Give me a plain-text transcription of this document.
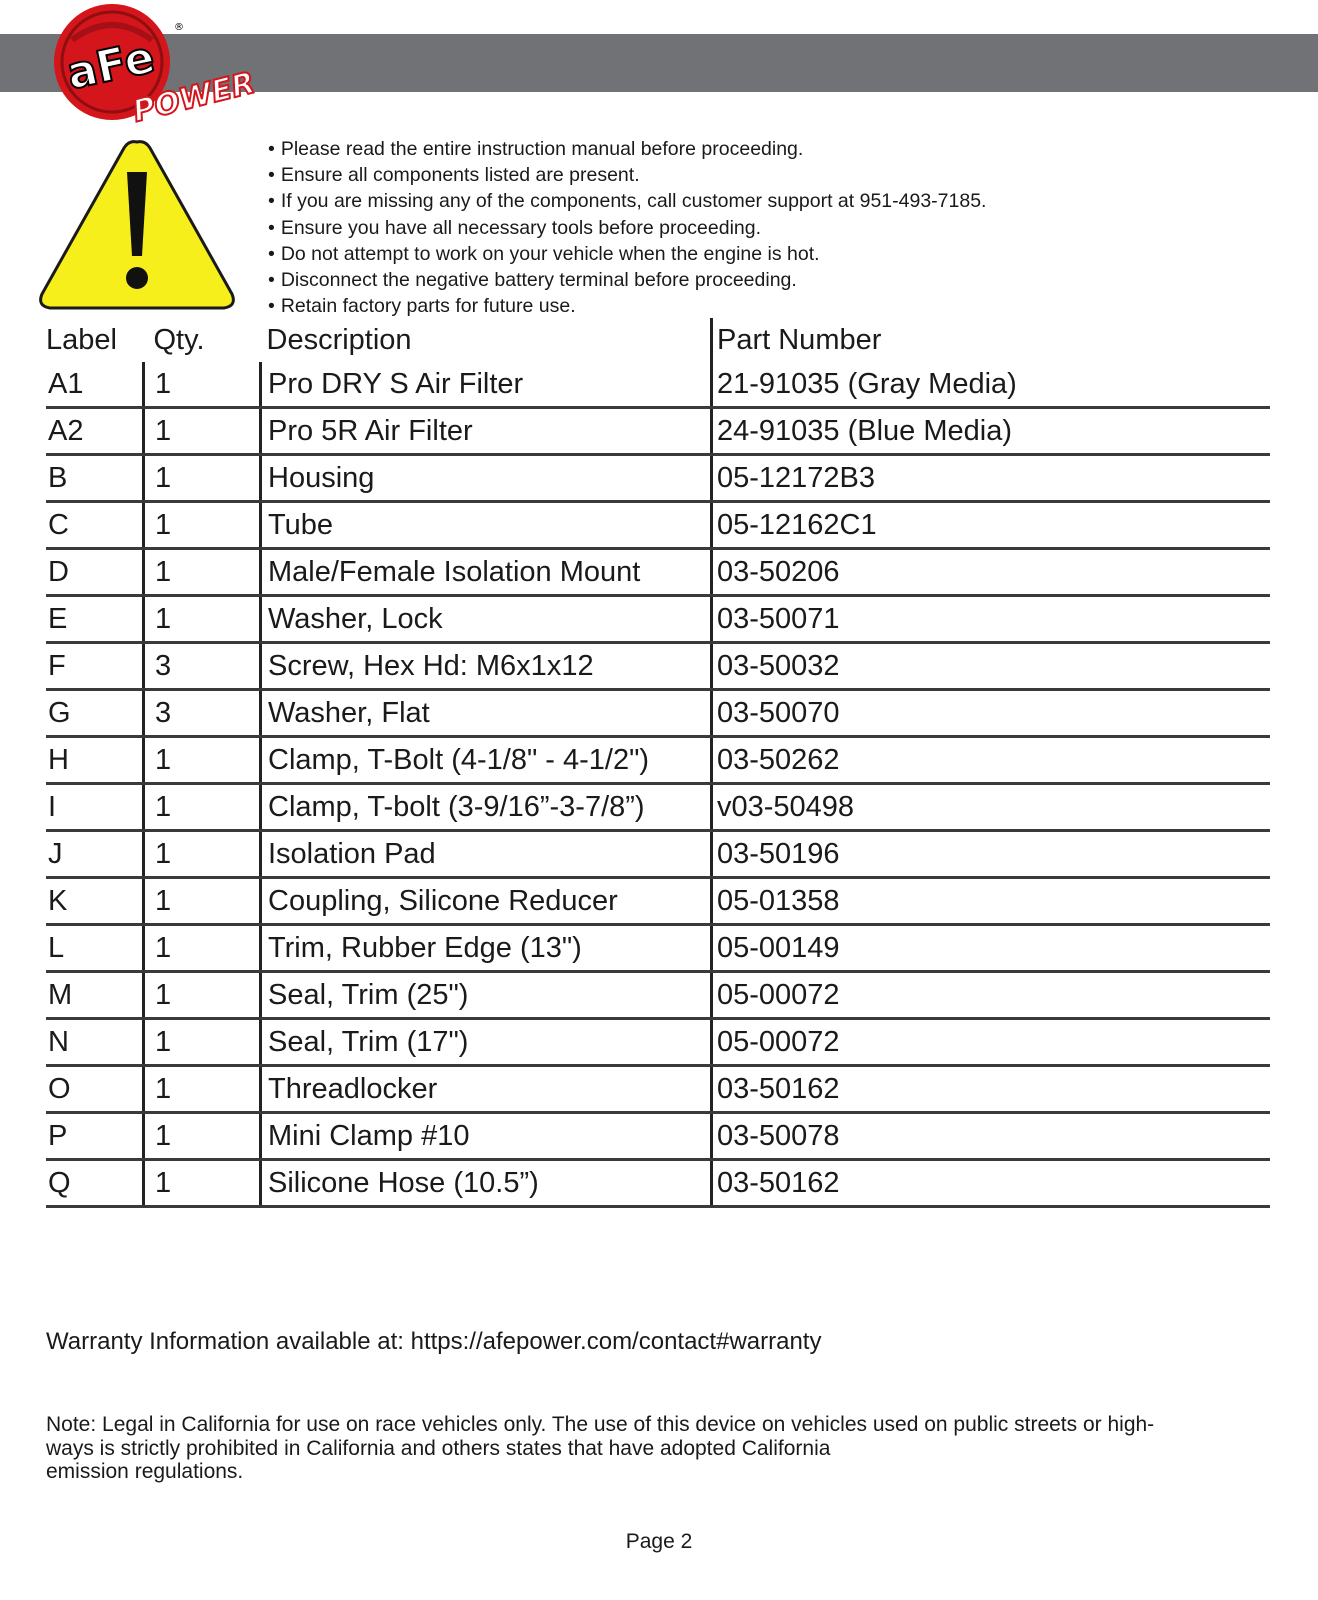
aFe
POWER
®
• Please read the entire instruction manual before proceeding.
• Ensure all components listed are present.
• If you are missing any of the components, call customer support at 951-493-7185.
• Ensure you have all necessary tools before proceeding.
• Do not attempt to work on your vehicle when the engine is hot.
• Disconnect the negative battery terminal before proceeding.
• Retain factory parts for future use.
Label	Qty.	Description	Part Number
A1	1	Pro DRY S Air Filter	21-91035 (Gray Media)
A2	1	Pro 5R Air Filter	24-91035 (Blue Media)
B	1	Housing	05-12172B3
C	1	Tube	05-12162C1
D	1	Male/Female Isolation Mount	03-50206
E	1	Washer, Lock	03-50071
F	3	Screw, Hex Hd: M6x1x12	03-50032
G	3	Washer, Flat	03-50070
H	1	Clamp, T-Bolt (4-1/8" - 4-1/2")	03-50262
I	1	Clamp, T-bolt (3-9/16”-3-7/8”)	v03-50498
J	1	Isolation Pad	03-50196
K	1	Coupling, Silicone Reducer	05-01358
L	1	Trim, Rubber Edge (13")	05-00149
M	1	Seal, Trim (25")	05-00072
N	1	Seal, Trim (17")	05-00072
O	1	Threadlocker	03-50162
P	1	Mini Clamp #10	03-50078
Q	1	Silicone Hose (10.5”)	03-50162
Warranty Information available at: https://afepower.com/contact#warranty
Note: Legal in California for use on race vehicles only. The use of this device on vehicles used on public streets or high-
ways is strictly prohibited in California and others states that have adopted California
emission regulations.
Page 2
